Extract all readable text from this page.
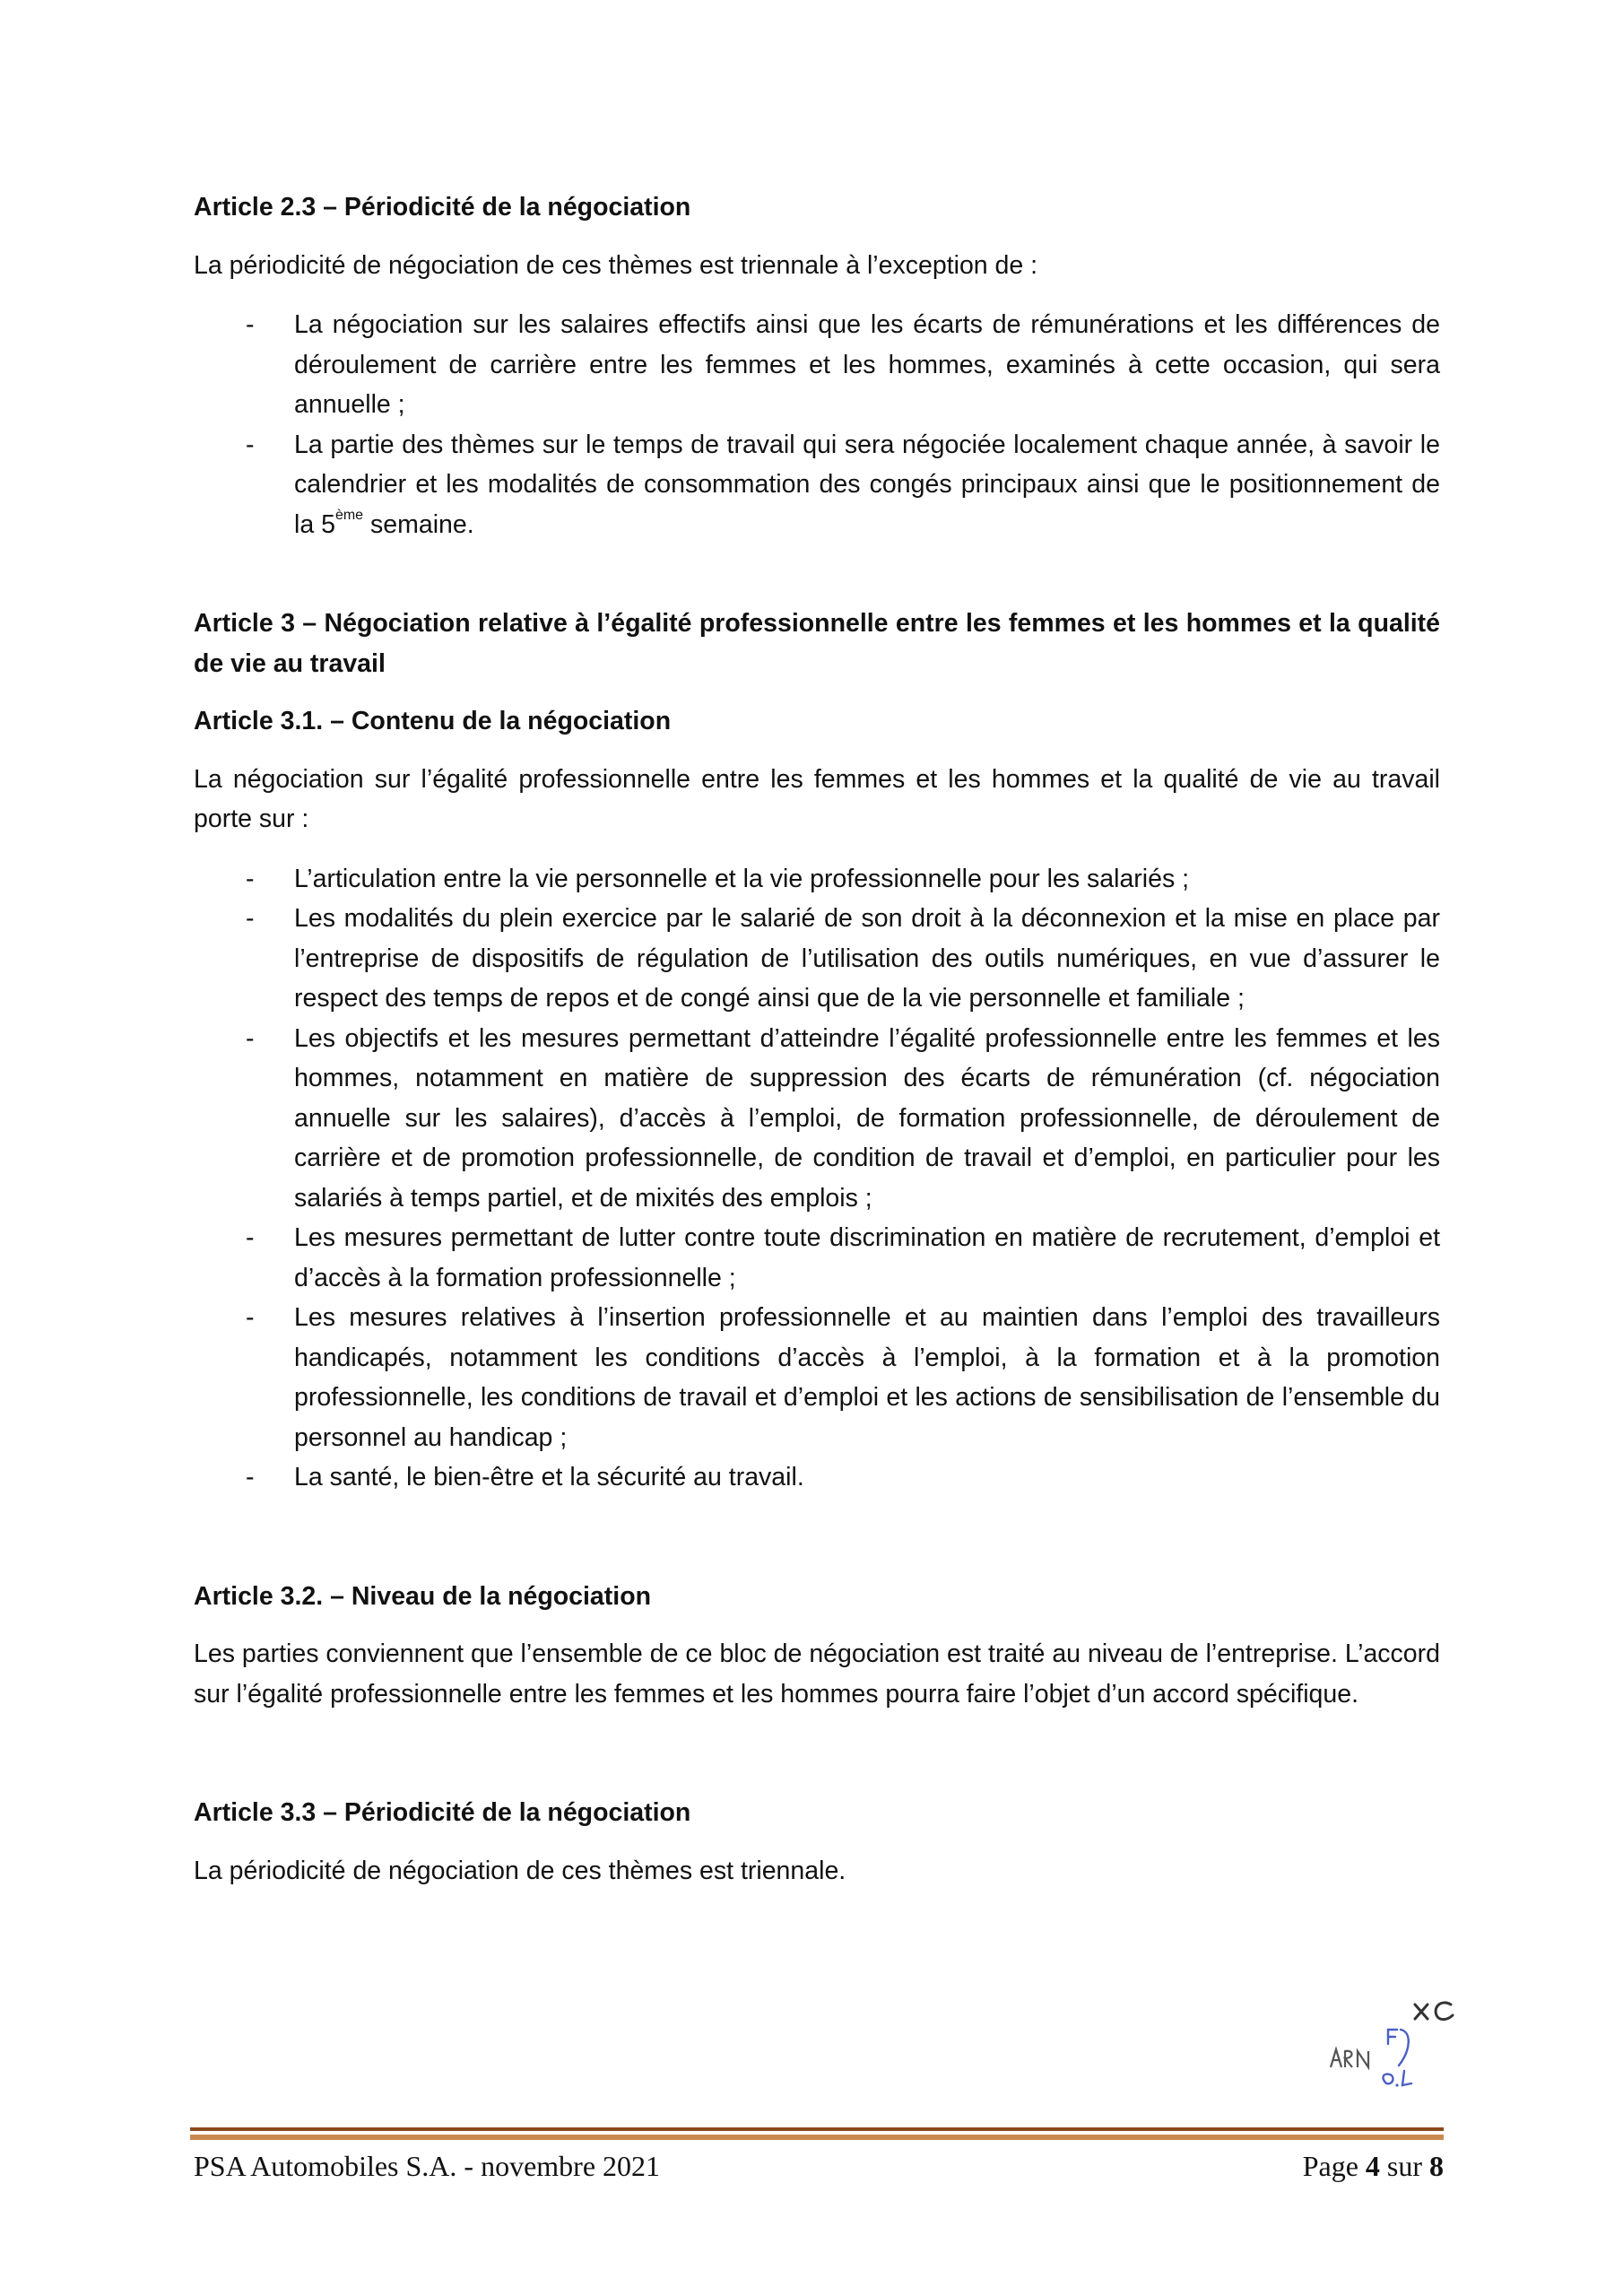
Article 2.3 – Périodicité de la négociation

La périodicité de négociation de ces thèmes est triennale à l’exception de :

- La négociation sur les salaires effectifs ainsi que les écarts de rémunérations et les différences de déroulement de carrière entre les femmes et les hommes, examinés à cette occasion, qui sera annuelle ;
- La partie des thèmes sur le temps de travail qui sera négociée localement chaque année, à savoir le calendrier et les modalités de consommation des congés principaux ainsi que le positionnement de la 5ème semaine.
Article 3 – Négociation relative à l’égalité professionnelle entre les femmes et les hommes et la qualité de vie au travail
Article 3.1. – Contenu de la négociation

La négociation sur l’égalité professionnelle entre les femmes et les hommes et la qualité de vie au travail porte sur :

- L’articulation entre la vie personnelle et la vie professionnelle pour les salariés ;
- Les modalités du plein exercice par le salarié de son droit à la déconnexion et la mise en place par l’entreprise de dispositifs de régulation de l’utilisation des outils numériques, en vue d’assurer le respect des temps de repos et de congé ainsi que de la vie personnelle et familiale ;
- Les objectifs et les mesures permettant d’atteindre l’égalité professionnelle entre les femmes et les hommes, notamment en matière de suppression des écarts de rémunération (cf. négociation annuelle sur les salaires), d’accès à l’emploi, de formation professionnelle, de déroulement de carrière et de promotion professionnelle, de condition de travail et d’emploi, en particulier pour les salariés à temps partiel, et de mixités des emplois ;
- Les mesures permettant de lutter contre toute discrimination en matière de recrutement, d’emploi et d’accès à la formation professionnelle ;
- Les mesures relatives à l’insertion professionnelle et au maintien dans l’emploi des travailleurs handicapés, notamment les conditions d’accès à l’emploi, à la formation et à la promotion professionnelle, les conditions de travail et d’emploi et les actions de sensibilisation de l’ensemble du personnel au handicap ;
- La santé, le bien-être et la sécurité au travail.
Article 3.2. – Niveau de la négociation

Les parties conviennent que l’ensemble de ce bloc de négociation est traité au niveau de l’entreprise. L’accord sur l’égalité professionnelle entre les femmes et les hommes pourra faire l’objet d’un accord spécifique.

Article 3.3 – Périodicité de la négociation

La périodicité de négociation de ces thèmes est triennale.

PSA Automobiles S.A. - novembre 2021	Page 4 sur 8
